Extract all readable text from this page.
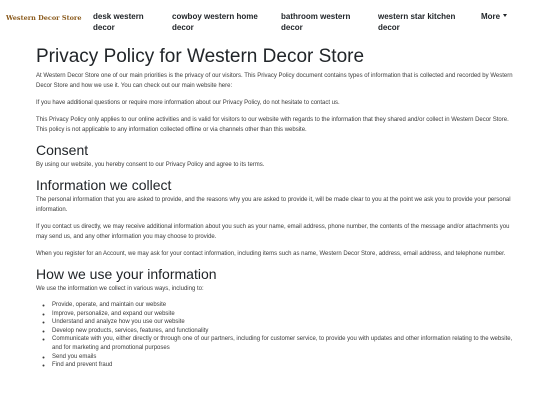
Western Decor Store desk western decor
cowboy western home decor
bathroom western decor
western star kitchen decor
More
Privacy Policy for Western Decor Store

At Western Decor Store one of our main priorities is the privacy of our visitors. This Privacy Policy document contains types of information that is collected and recorded by Western Decor Store and how we use it. You can check out our main website here:

If you have additional questions or require more information about our Privacy Policy, do not hesitate to contact us.

This Privacy Policy only applies to our online activities and is valid for visitors to our website with regards to the information that they shared and/or collect in Western Decor Store. This policy is not applicable to any information collected offline or via channels other than this website.

Consent

By using our website, you hereby consent to our Privacy Policy and agree to its terms.

Information we collect

The personal information that you are asked to provide, and the reasons why you are asked to provide it, will be made clear to you at the point we ask you to provide your personal information.

If you contact us directly, we may receive additional information about you such as your name, email address, phone number, the contents of the message and/or attachments you may send us, and any other information you may choose to provide.

When you register for an Account, we may ask for your contact information, including items such as name, Western Decor Store, address, email address, and telephone number.

How we use your information

We use the information we collect in various ways, including to:

◦ Provide, operate, and maintain our website
◦ Improve, personalize, and expand our website
◦ Understand and analyze how you use our website
◦ Develop new products, services, features, and functionality
◦ Communicate with you, either directly or through one of our partners, including for customer service, to provide you with updates and other information relating to the website, and for marketing and promotional purposes
◦ Send you emails
◦ Find and prevent fraud
